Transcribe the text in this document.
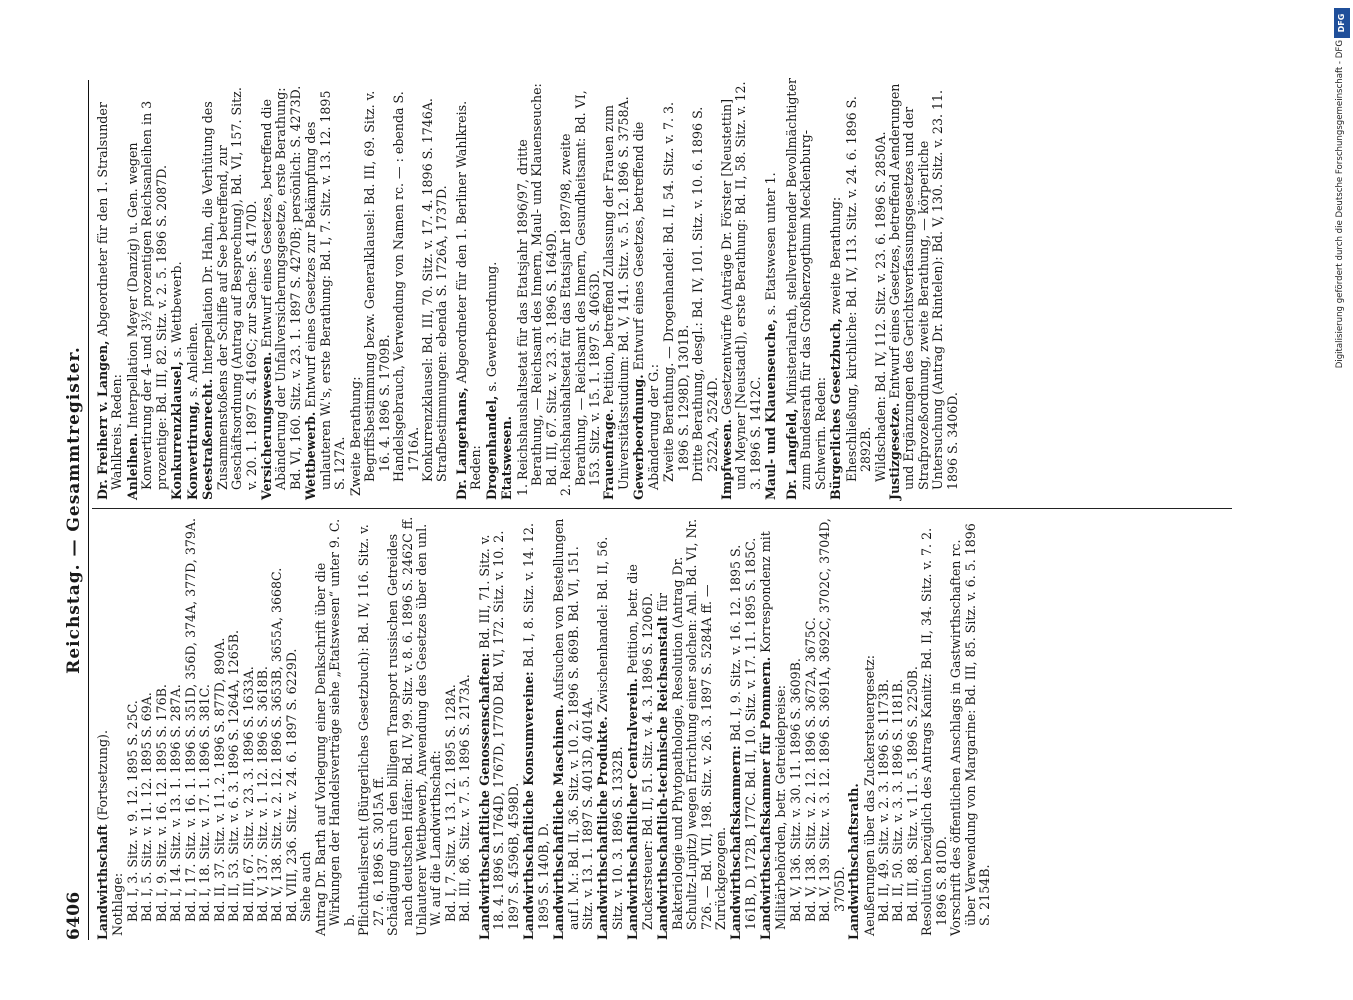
6406
Reichstag. — Gesammtregister.
Landwirthschaft (Fortsetzung).
Nothlage: Bd. I, 3. Sitz. v. 9. 12. 1895 S. 25C. Bd. I, 5. Sitz. v. 11. 12. 1895 S. 69A. Bd. I, 9. Sitz. v. 16. 12. 1895 S. 176B. Bd. I, 14. Sitz. v. 13. 1. 1896 S. 287A. Bd. I, 17. Sitz. v. 16. 1. 1896 S. 351D, 356D, 374A, 377D, 379A. Bd. I, 18. Sitz. v. 17. 1. 1896 S. 381C. Bd. II, 37. Sitz. v. 11. 2. 1896 S. 877D, 890A. Bd. II, 53. Sitz. v. 6. 3. 1896 S. 1264A, 1265B. Bd. III, 67. Sitz. v. 23. 3. 1896 S. 1633A. Bd. V, 137. Sitz. v. 1. 12. 1896 S. 3618B. Bd. V, 138. Sitz. v. 2. 12. 1896 S. 3653B, 3655A, 3668C. Bd. VIII, 236. Sitz. v. 24. 6. 1897 S. 6229D. Siehe auch Antrag Dr. Barth auf Vorlegung einer Denkschrift über die Wirkungen der Handelsverträge siehe „Etatswesen“ unter 9. C. b. Pflichttheilsrecht (Bürgerliches Gesetzbuch): Bd. IV, 116. Sitz. v. 27. 6. 1896 S. 3015A ff. Schädigung durch den billigen Transport russischen Getreides nach deutschen Häfen: Bd. IV, 99. Sitz. v. 8. 6. 1896 S. 2462C ff. Unlauterer Wettbewerb, Anwendung des Gesetzes über den unl. W. auf die Landwirthschaft: Bd. I, 7. Sitz. v. 13. 12. 1895 S. 128A. Bd. III, 86. Sitz. v. 7. 5. 1896 S. 2173A. Landwirthschaftliche Genossenschaften: Bd. III, 71. Sitz. v. 18. 4. 1896 S. 1764D, 1767D, 1770D Bd. VI, 172. Sitz. v. 10. 2. 1897 S. 4596B, 4598D. Landwirthschaftliche Konsumvereine: Bd. I, 8. Sitz. v. 14. 12. 1895 S. 140B, D. Landwirthschaftliche Maschinen. Aufsuchen von Bestellungen auf l. M.: Bd. II, 36. Sitz. v. 10. 2. 1896 S. 869B. Bd. VI, 151. Sitz. v. 13. 1. 1897 S. 4013D, 4014A. Landwirthschaftliche Produkte. Zwischenhandel: Bd. II, 56. Sitz. v. 10. 3. 1896 S. 1332B. Landwirthschaftlicher Centralverein. Petition, betr. die Zuckersteuer: Bd. II, 51. Sitz. v. 4. 3. 1896 S. 1206D. Landwirthschaftlich-technische Reichsanstalt für Bakteriologie und Phytopathologie, Resolution (Antrag Dr. Schultz-Lupitz) wegen Errichtung einer solchen: Anl. Bd. VI, Nr. 726. — Bd. VII, 198. Sitz. v. 26. 3. 1897 S. 5284A ff. — Zurückgezogen. Landwirthschaftskammern: Bd. I, 9. Sitz. v. 16. 12. 1895 S. 161B, D, 172B, 177C. Bd. II, 10. Sitz. v. 17. 11. 1895 S. 185C. Landwirthschaftskammer für Pommern. Korrespondenz mit Militärbehörden, betr. Getreidepreise: Bd. V, 136. Sitz. v. 30. 11. 1896 S. 3609B. Bd. V, 138. Sitz. v. 2. 12. 1896 S. 3672A, 3675C. Bd. V, 139. Sitz. v. 3. 12. 1896 S. 3691A, 3692C, 3702C, 3704D, 3705D. Landwirthschaftsrath. Aeußerungen über das Zuckersteuergesetz: Bd. II, 49. Sitz. v. 2. 3. 1896 S. 1173B. Bd. II, 50. Sitz. v. 3. 3. 1896 S. 1181B. Bd. III, 88. Sitz. v. 11. 5. 1896 S. 2250B. Resolution bezüglich des Antrags Kanitz: Bd. II, 34. Sitz. v. 7. 2. 1896 S. 810D. Vorschrift des öffentlichen Anschlags in Gastwirthschaften rc. über Verwendung von Margarine: Bd. III, 85. Sitz. v. 6. 5. 1896 S. 2154B.
Dr. Freiherr v. Langen, Abgeordneter für den 1. Stralsunder Wahlkreis. Reden: Anleihen. Interpellation Meyer (Danzig) u. Gen. wegen Konvertirung der 4- und 3½ prozentigen Reichsanleihen in 3 prozentige: Bd. III, 82. Sitz. v. 2. 5. 1896 S. 2087D. Konkurrenzklausel, s. Wettbewerb.
Konvertirung, s. Anleihen.
Seestraßenrecht. Interpellation Dr. Hahn, die Verhütung des Zusammenstoßens der Schiffe auf See betreffend, zur Geschäftsordnung (Antrag auf Besprechung), Bd. VI, 157. Sitz. v. 20. 1. 1897 S. 4169C; zur Sache: S. 4170D. Versicherungswesen. Entwurf eines Gesetzes, betreffend die Abänderung der Unfallversicherungsgesetze, erste Berathung: Bd. VI, 160. Sitz. v. 23. 1. 1897 S. 4270B; persönlich: S. 4273D. Wettbewerb. Entwurf eines Gesetzes zur Bekämpfung des unlauteren W.'s, erste Berathung: Bd. I, 7. Sitz. v. 13. 12. 1895 S. 127A. Zweite Berathung: Begriffsbestimmung bezw. Generalklausel: Bd. III, 69. Sitz. v. 16. 4. 1896 S. 1709B. Handelsgebrauch, Verwendung von Namen rc. — : ebenda S. 1716A. Konkurrenzklausel: Bd. III, 70. Sitz. v. 17. 4. 1896 S. 1746A. Strafbestimmungen: ebenda S. 1726A, 1737D. Dr. Langerhans, Abgeordneter für den 1. Berliner Wahlkreis. Reden: Drogenhandel, s. Gewerbeordnung.
Etatswesen. 1. Reichshaushaltsetat für das Etatsjahr 1896/97, dritte Berathung, — Reichsamt des Innern, Maul- und Klauenseuche: Bd. III, 67. Sitz. v. 23. 3. 1896 S. 1649D. 2. Reichshaushaltsetat für das Etatsjahr 1897/98, zweite Berathung, — Reichsamt des Innern, Gesundheitsamt: Bd. VI, 153. Sitz. v. 15. 1. 1897 S. 4063D. Frauenfrage. Petition, betreffend Zulassung der Frauen zum Universitätsstudium: Bd. V, 141. Sitz. v. 5. 12. 1896 S. 3758A. Gewerbeordnung. Entwurf eines Gesetzes, betreffend die Abänderung der G.: Zweite Berathung. — Drogenhandel: Bd. II, 54. Sitz. v. 7. 3. 1896 S. 1298D, 1301B. Dritte Berathung, desgl.: Bd. IV, 101. Sitz. v. 10. 6. 1896 S. 2522A, 2524D. Impfwesen. Gesetzentwürfe (Anträge Dr. Förster [Neustettin] und Meyner [Neustadt]), erste Berathung: Bd. II, 58. Sitz. v. 12. 3. 1896 S. 1412C. Maul- und Klauenseuche, s. Etatswesen unter 1.
Dr. Langfeld, Ministerialrath, stellvertretender Bevollmächtigter zum Bundesrath für das Großherzogthum Mecklenburg-Schwerin. Reden: Bürgerliches Gesetzbuch, zweite Berathung: Eheschließung, kirchliche: Bd. IV, 113. Sitz. v. 24. 6. 1896 S. 2892B. Wildschaden: Bd. IV, 112. Sitz. v. 23. 6. 1896 S. 2850A. Justizgesetze. Entwurf eines Gesetzes, betreffend Aenderungen und Ergänzungen des Gerichtsverfassungsgesetzes und der Strafprozeßordnung, zweite Berathung, — körperliche Untersuchung (Antrag Dr. Rintelen): Bd. V, 130. Sitz. v. 23. 11. 1896 S. 3406D.
DFG
Digitalisierung gefördert durch die Deutsche Forschungsgemeinschaft - DFG
